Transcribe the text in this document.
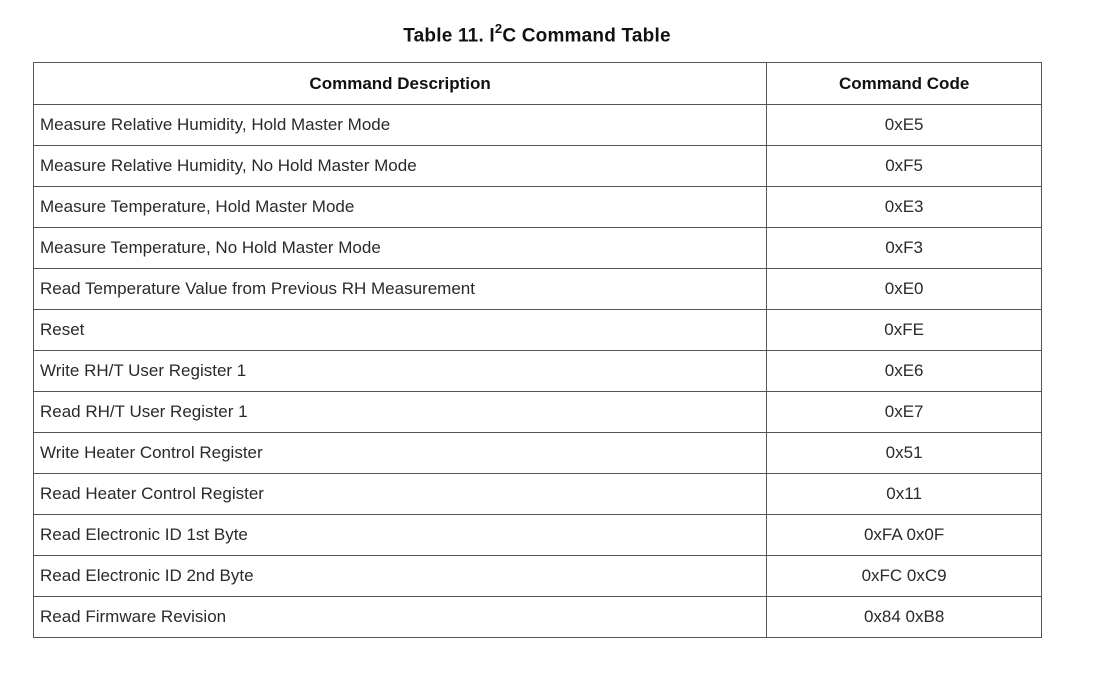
Table 11. $I^2C$ Command Table
Command Description	Command Code
Measure Relative Humidity, Hold Master Mode	0xE5
Measure Relative Humidity, No Hold Master Mode	0xF5
Measure Temperature, Hold Master Mode	0xE3
Measure Temperature, No Hold Master Mode	0xF3
Read Temperature Value from Previous RH Measurement	0xE0
Reset	0xFE
Write RH/T User Register 1	0xE6
Read RH/T User Register 1	0xE7
Write Heater Control Register	0x51
Read Heater Control Register	0x11
Read Electronic ID 1st Byte	0xFA 0x0F
Read Electronic ID 2nd Byte	0xFC 0xC9
Read Firmware Revision	0x84 0xB8
